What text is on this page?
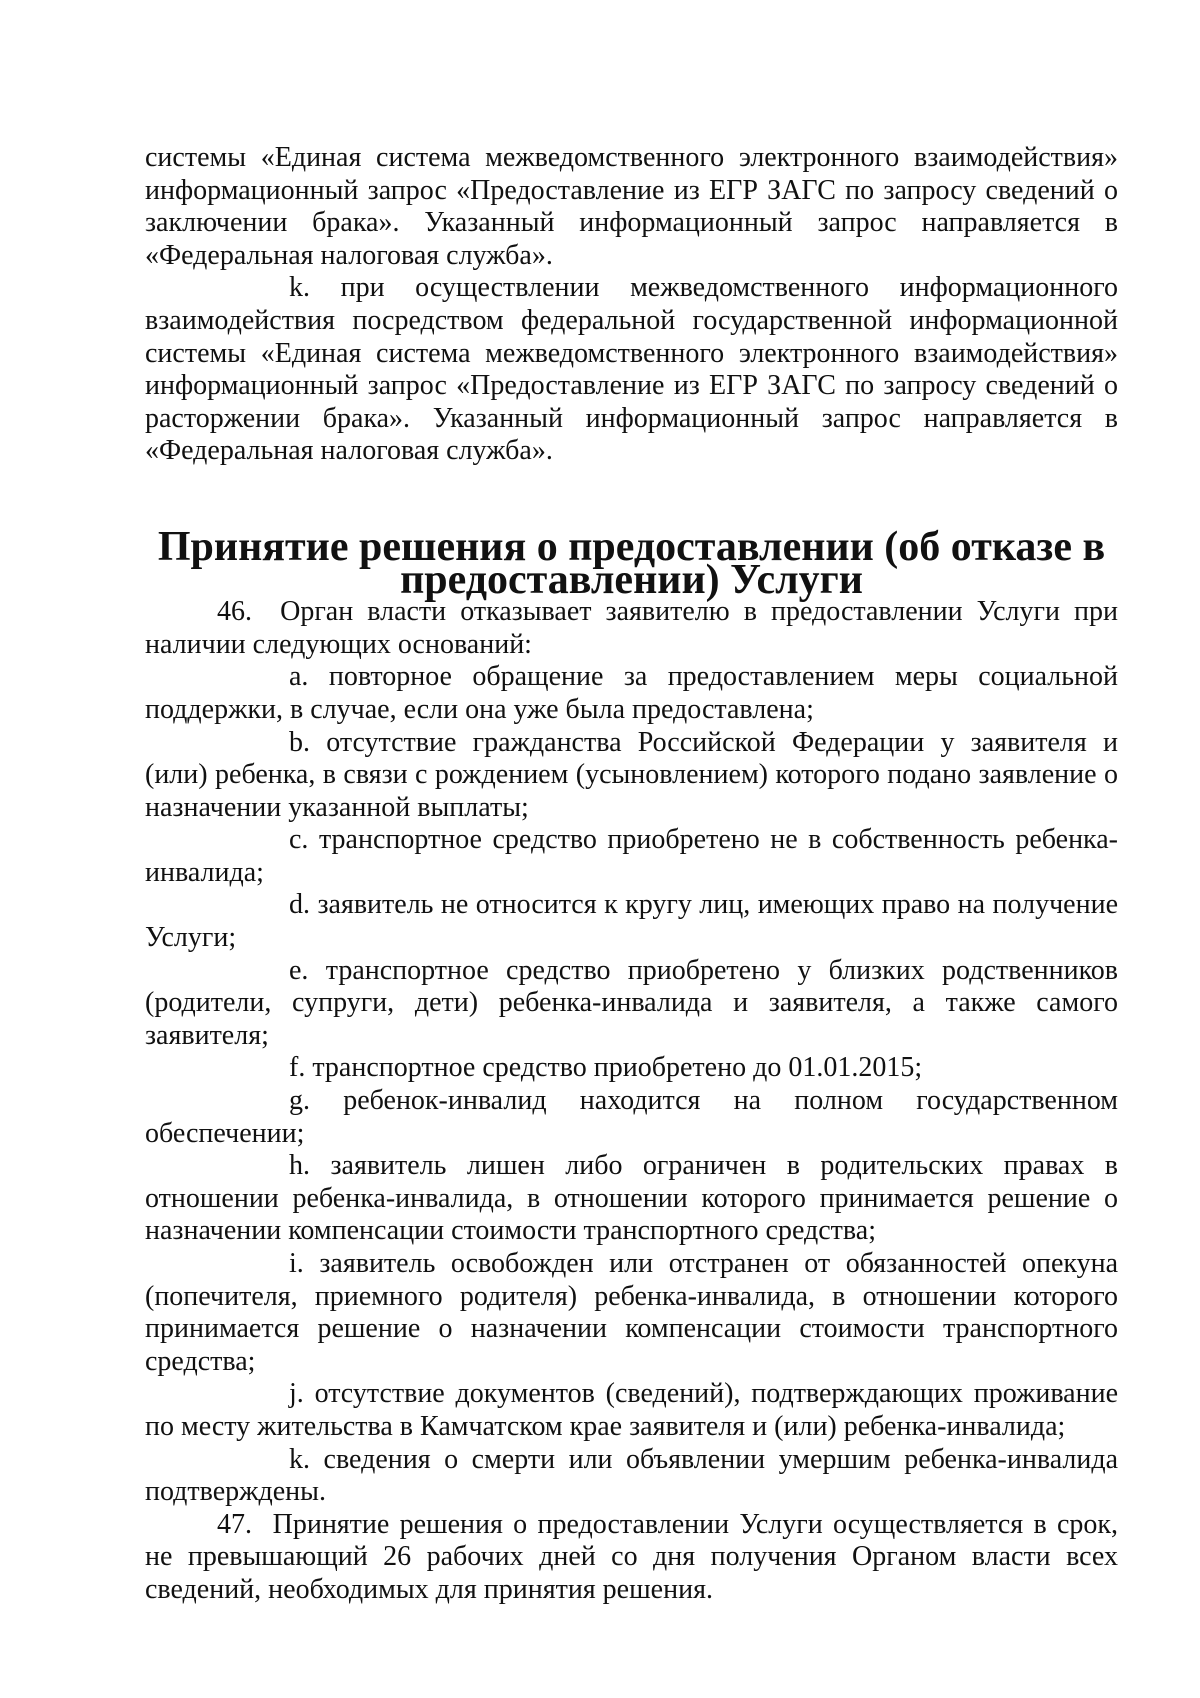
системы «Единая система межведомственного электронного взаимодействия» информационный запрос «Предоставление из ЕГР ЗАГС по запросу сведений о заключении брака». Указанный информационный запрос направляется в «Федеральная налоговая служба».

k. при осуществлении межведомственного информационного взаимодействия посредством федеральной государственной информационной системы «Единая система межведомственного электронного взаимодействия» информационный запрос «Предоставление из ЕГР ЗАГС по запросу сведений о расторжении брака». Указанный информационный запрос направляется в «Федеральная налоговая служба».

Принятие решения о предоставлении (об отказе в предоставлении) Услуги

46. Орган власти отказывает заявителю в предоставлении Услуги при наличии следующих оснований:

a. повторное обращение за предоставлением меры социальной поддержки, в случае, если она уже была предоставлена;

b. отсутствие гражданства Российской Федерации у заявителя и (или) ребенка, в связи с рождением (усыновлением) которого подано заявление о назначении указанной выплаты;

c. транспортное средство приобретено не в собственность ребенка-инвалида;

d. заявитель не относится к кругу лиц, имеющих право на получение Услуги;

e. транспортное средство приобретено у близких родственников (родители, супруги, дети) ребенка-инвалида и заявителя, а также самого заявителя;

f. транспортное средство приобретено до 01.01.2015;

g. ребенок-инвалид находится на полном государственном обеспечении;

h. заявитель лишен либо ограничен в родительских правах в отношении ребенка-инвалида, в отношении которого принимается решение о назначении компенсации стоимости транспортного средства;

i. заявитель освобожден или отстранен от обязанностей опекуна (попечителя, приемного родителя) ребенка-инвалида, в отношении которого принимается решение о назначении компенсации стоимости транспортного средства;

j. отсутствие документов (сведений), подтверждающих проживание по месту жительства в Камчатском крае заявителя и (или) ребенка-инвалида;

k. сведения о смерти или объявлении умершим ребенка-инвалида подтверждены.

47. Принятие решения о предоставлении Услуги осуществляется в срок, не превышающий 26 рабочих дней со дня получения Органом власти всех сведений, необходимых для принятия решения.
